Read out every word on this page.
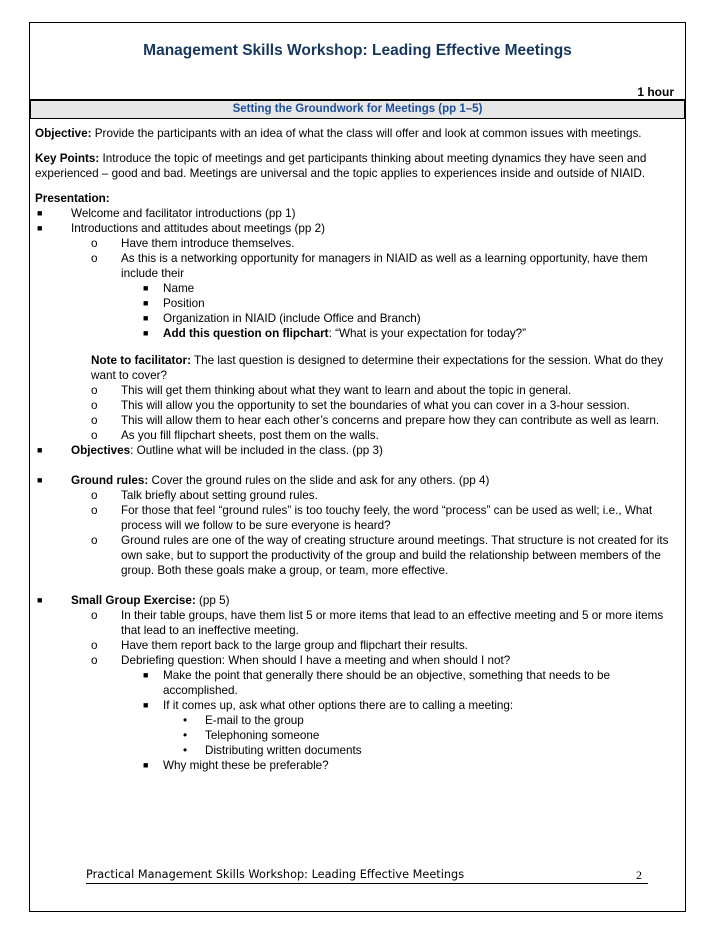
Management Skills Workshop: Leading Effective Meetings
1 hour
Setting the Groundwork for Meetings (pp 1–5)

Objective: Provide the participants with an idea of what the class will offer and look at common issues with meetings.

Key Points: Introduce the topic of meetings and get participants thinking about meeting dynamics they have seen and experienced – good and bad. Meetings are universal and the topic applies to experiences inside and outside of NIAID.

Presentation:

■ Welcome and facilitator introductions (pp 1)
■ Introductions and attitudes about meetings (pp 2)
o Have them introduce themselves.
o As this is a networking opportunity for managers in NIAID as well as a learning opportunity, have them include their
■ Name
■ Position
■ Organization in NIAID (include Office and Branch)
■ Add this question on flipchart: “What is your expectation for today?”
Note to facilitator: The last question is designed to determine their expectations for the session. What do they want to cover?
o This will get them thinking about what they want to learn and about the topic in general.
o This will allow you the opportunity to set the boundaries of what you can cover in a 3-hour session.
o This will allow them to hear each other’s concerns and prepare how they can contribute as well as learn.
o As you fill flipchart sheets, post them on the walls.
■ Objectives: Outline what will be included in the class. (pp 3)
■ Ground rules: Cover the ground rules on the slide and ask for any others. (pp 4)
o Talk briefly about setting ground rules.
o For those that feel “ground rules” is too touchy feely, the word “process” can be used as well; i.e., What process will we follow to be sure everyone is heard?
o Ground rules are one of the way of creating structure around meetings. That structure is not created for its own sake, but to support the productivity of the group and build the relationship between members of the group. Both these goals make a group, or team, more effective.
■ Small Group Exercise: (pp 5)
o In their table groups, have them list 5 or more items that lead to an effective meeting and 5 or more items that lead to an ineffective meeting.
o Have them report back to the large group and flipchart their results.
o Debriefing question: When should I have a meeting and when should I not?
■ Make the point that generally there should be an objective, something that needs to be accomplished.
■ If it comes up, ask what other options there are to calling a meeting:
• E-mail to the group
• Telephoning someone
• Distributing written documents
■ Why might these be preferable?
Practical Management Skills Workshop: Leading Effective Meetings	2
